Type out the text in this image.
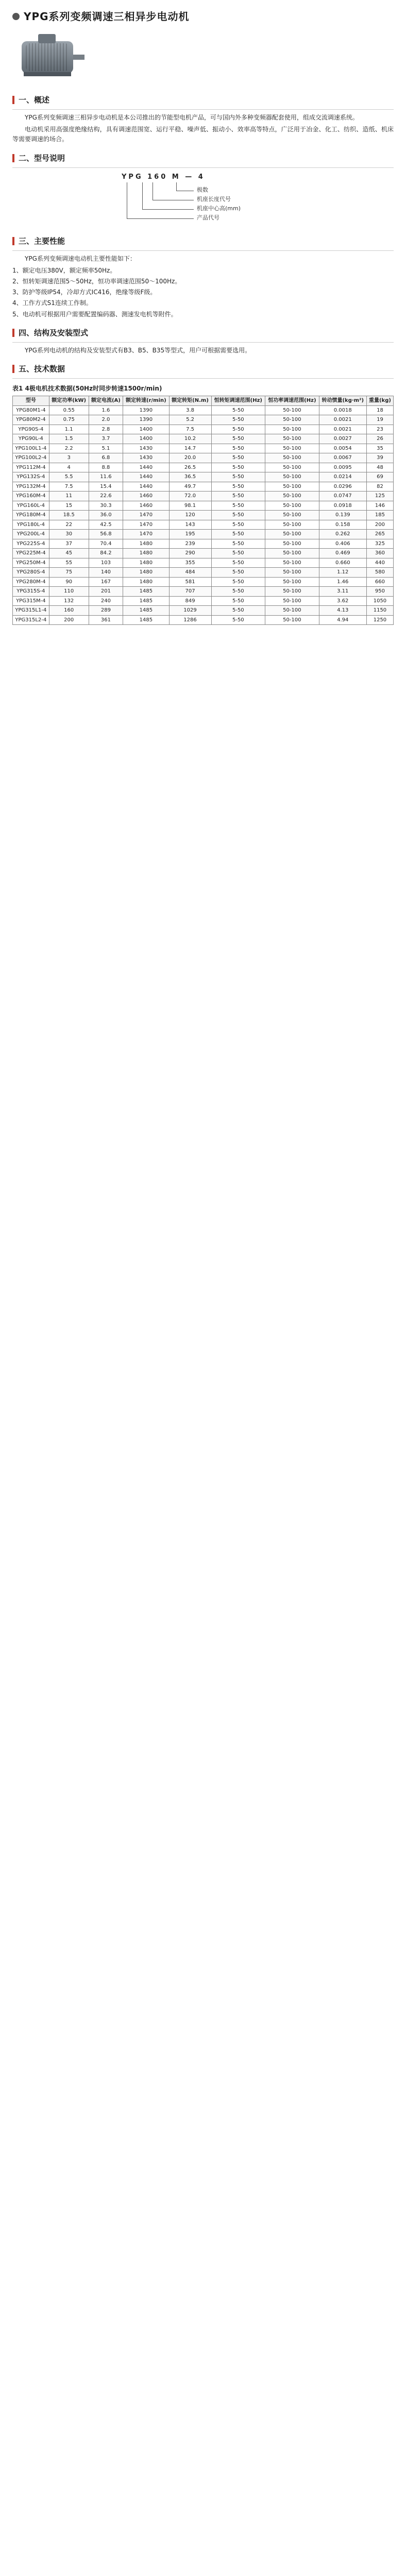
YPG系列变频调速三相异步电动机
一、概述

YPG系列变频调速三相异步电动机是本公司推出的节能型电机产品，可与国内外多种变频器配套使用，组成交流调速系统。

电动机采用高强度绝缘结构，具有调速范围宽、运行平稳、噪声低、振动小、效率高等特点，广泛用于冶金、化工、纺织、造纸、机床等需要调速的场合。

二、型号说明
YPG 160 M — 4
产品代号
机座中心高(mm)
机座长度代号
极数
三、主要性能

YPG系列变频调速电动机主要性能如下：

1、额定电压380V，额定频率50Hz。
2、恒转矩调速范围5～50Hz，恒功率调速范围50～100Hz。
3、防护等级IP54，冷却方式IC416，绝缘等级F级。
4、工作方式S1连续工作制。
5、电动机可根据用户需要配置编码器、测速发电机等附件。
四、结构及安装型式

YPG系列电动机的结构及安装型式有B3、B5、B35等型式，用户可根据需要选用。

五、技术数据
表1 4极电机技术数据(50Hz时同步转速1500r/min)
型号	额定功率(kW)	额定电流(A)	额定转速(r/min)	额定转矩(N.m)	恒转矩调速范围(Hz)	恒功率调速范围(Hz)	转动惯量(kg·m²)	重量(kg)
YPG80M1-4	0.55	1.6	1390	3.8	5-50	50-100	0.0018	18
YPG80M2-4	0.75	2.0	1390	5.2	5-50	50-100	0.0021	19
YPG90S-4	1.1	2.8	1400	7.5	5-50	50-100	0.0021	23
YPG90L-4	1.5	3.7	1400	10.2	5-50	50-100	0.0027	26
YPG100L1-4	2.2	5.1	1430	14.7	5-50	50-100	0.0054	35
YPG100L2-4	3	6.8	1430	20.0	5-50	50-100	0.0067	39
YPG112M-4	4	8.8	1440	26.5	5-50	50-100	0.0095	48
YPG132S-4	5.5	11.6	1440	36.5	5-50	50-100	0.0214	69
YPG132M-4	7.5	15.4	1440	49.7	5-50	50-100	0.0296	82
YPG160M-4	11	22.6	1460	72.0	5-50	50-100	0.0747	125
YPG160L-4	15	30.3	1460	98.1	5-50	50-100	0.0918	146
YPG180M-4	18.5	36.0	1470	120	5-50	50-100	0.139	185
YPG180L-4	22	42.5	1470	143	5-50	50-100	0.158	200
YPG200L-4	30	56.8	1470	195	5-50	50-100	0.262	265
YPG225S-4	37	70.4	1480	239	5-50	50-100	0.406	325
YPG225M-4	45	84.2	1480	290	5-50	50-100	0.469	360
YPG250M-4	55	103	1480	355	5-50	50-100	0.660	440
YPG280S-4	75	140	1480	484	5-50	50-100	1.12	580
YPG280M-4	90	167	1480	581	5-50	50-100	1.46	660
YPG315S-4	110	201	1485	707	5-50	50-100	3.11	950
YPG315M-4	132	240	1485	849	5-50	50-100	3.62	1050
YPG315L1-4	160	289	1485	1029	5-50	50-100	4.13	1150
YPG315L2-4	200	361	1485	1286	5-50	50-100	4.94	1250
